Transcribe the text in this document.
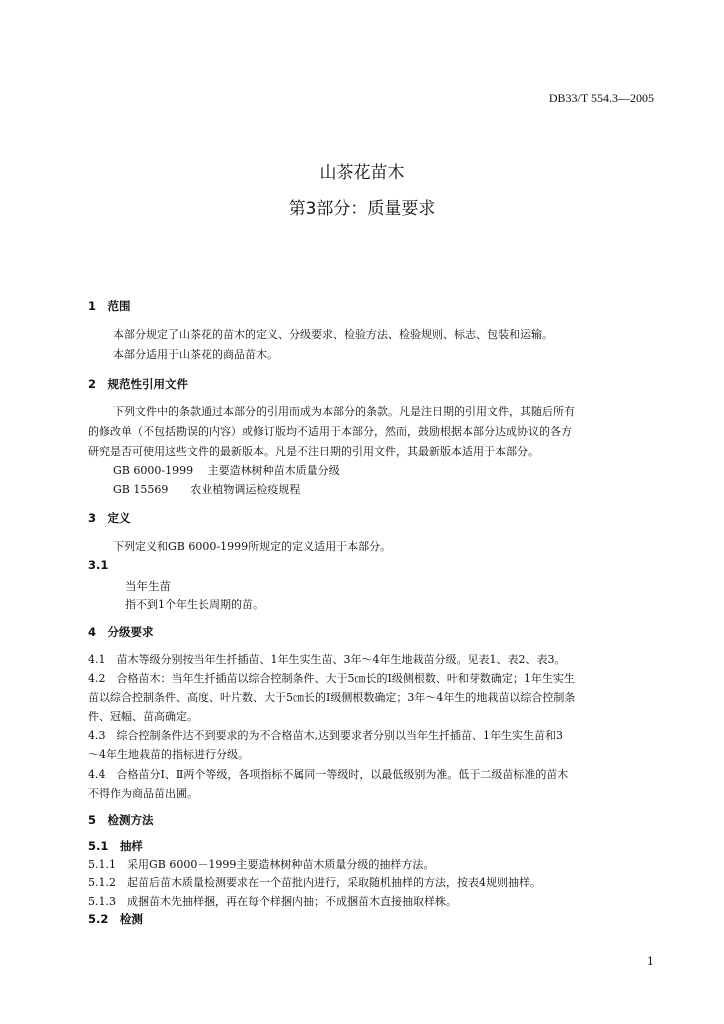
DB33/T 554.3—2005
山茶花苗木
第3部分：质量要求
1　范围
本部分规定了山茶花的苗木的定义、分级要求、检验方法、检验规则、标志、包装和运输。
本部分适用于山茶花的商品苗木。
2　规范性引用文件
下列文件中的条款通过本部分的引用而成为本部分的条款。凡是注日期的引用文件，其随后所有
的修改单（不包括勘误的内容）或修订版均不适用于本部分，然而，鼓励根据本部分达成协议的各方
研究是否可使用这些文件的最新版本。凡是不注日期的引用文件，其最新版本适用于本部分。
GB 6000-1999　 主要造林树种苗木质量分级
GB 15569　　农业植物调运检疫规程
3　定义
下列定义和GB 6000-1999所规定的定义适用于本部分。
3.1
当年生苗
指不到1个年生长周期的苗。
4　分级要求
4.1　苗木等级分别按当年生扦插苗、1年生实生苗、3年～4年生地栽苗分级。见表1、表2、表3。
4.2　合格苗木：当年生扦插苗以综合控制条件、大于5㎝长的Ⅰ级侧根数、叶和芽数确定；1年生实生
苗以综合控制条件、高度、叶片数、大于5㎝长的Ⅰ级侧根数确定；3年～4年生的地栽苗以综合控制条
件、冠幅、苗高确定。
4.3　综合控制条件达不到要求的为不合格苗木,达到要求者分别以当年生扦插苗、1年生实生苗和3
～4年生地栽苗的指标进行分级。
4.4　合格苗分Ⅰ、Ⅱ两个等级，各项指标不属同一等级时，以最低级别为准。低于二级苗标准的苗木
不得作为商品苗出圃。
5　检测方法
5.1　抽样
5.1.1　采用GB 6000－1999主要造林树种苗木质量分级的抽样方法。
5.1.2　起苗后苗木质量检测要求在一个苗批内进行，采取随机抽样的方法，按表4规则抽样。
5.1.3　成捆苗木先抽样捆，再在每个样捆内抽；不成捆苗木直接抽取样株。
5.2　检测
1
